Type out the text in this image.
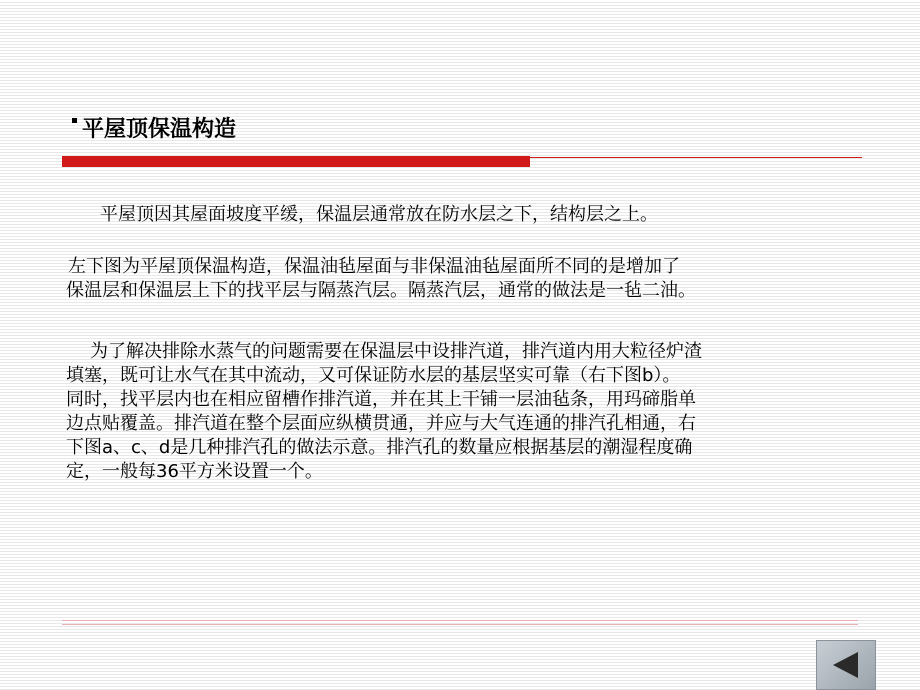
平屋顶保温构造
平屋顶因其屋面坡度平缓，保温层通常放在防水层之下，结构层之上。
左下图为平屋顶保温构造，保温油毡屋面与非保温油毡屋面所不同的是增加了
保温层和保温层上下的找平层与隔蒸汽层。隔蒸汽层，通常的做法是一毡二油。
为了解决排除水蒸气的问题需要在保温层中设排汽道，排汽道内用大粒径炉渣
填塞，既可让水气在其中流动，又可保证防水层的基层坚实可靠（右下图b）。
同时，找平层内也在相应留槽作排汽道，并在其上干铺一层油毡条，用玛碲脂单
边点贴覆盖。排汽道在整个层面应纵横贯通，并应与大气连通的排汽孔相通，右
下图a、c、d是几种排汽孔的做法示意。排汽孔的数量应根据基层的潮湿程度确
定，一般每36平方米设置一个。
